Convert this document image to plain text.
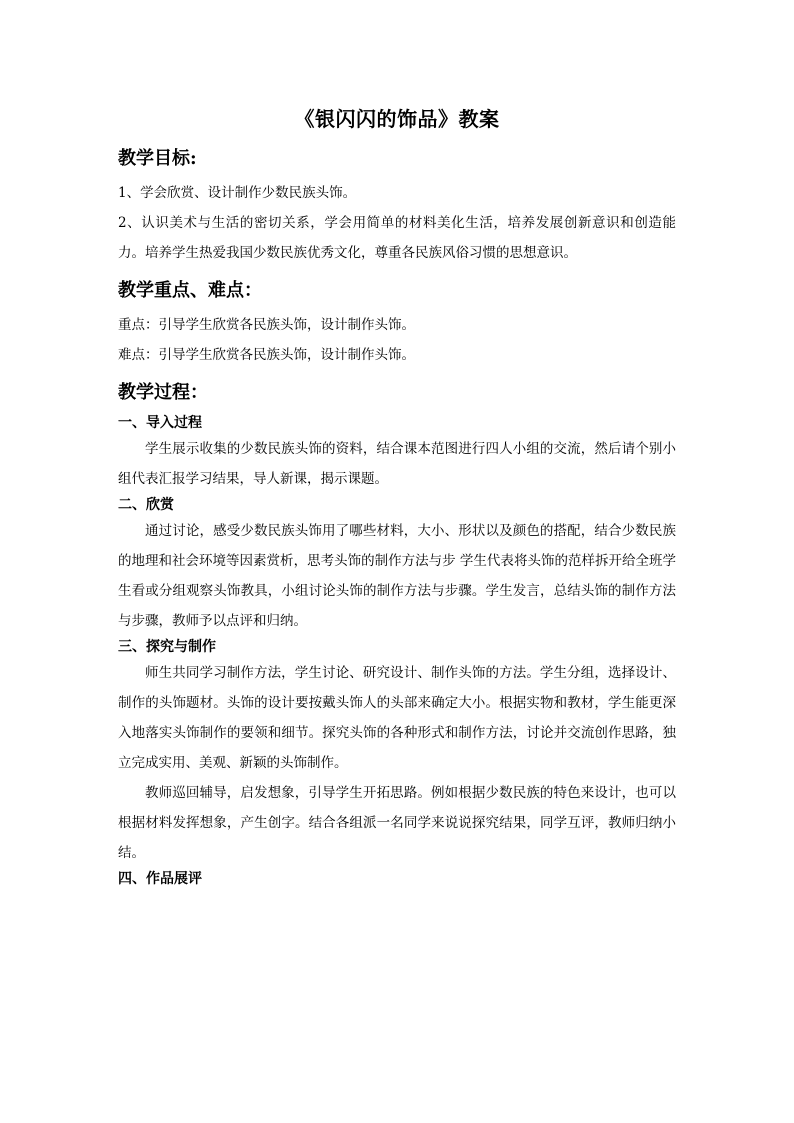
《银闪闪的饰品》教案
教学目标:

1、学会欣赏、设计制作少数民族头饰。

2、认识美术与生活的密切关系，学会用简单的材料美化生活，培养发展创新意识和创造能力。培养学生热爱我国少数民族优秀文化，尊重各民族风俗习惯的思想意识。

教学重点、难点：

重点：引导学生欣赏各民族头饰，设计制作头饰。

难点：引导学生欣赏各民族头饰，设计制作头饰。

教学过程：
一、导入过程

学生展示收集的少数民族头饰的资料，结合课本范图进行四人小组的交流，然后请个别小组代表汇报学习结果，导人新课，揭示课题。

二、欣赏

通过讨论，感受少数民族头饰用了哪些材料，大小、形状以及颜色的搭配，结合少数民族的地理和社会环境等因素赏析，思考头饰的制作方法与步 学生代表将头饰的范样拆开给全班学生看或分组观察头饰教具，小组讨论头饰的制作方法与步骤。学生发言，总结头饰的制作方法与步骤，教师予以点评和归纳。

三、探究与制作

师生共同学习制作方法，学生讨论、研究设计、制作头饰的方法。学生分组，选择设计、制作的头饰题材。头饰的设计要按戴头饰人的头部来确定大小。根据实物和教材，学生能更深入地落实头饰制作的要领和细节。探究头饰的各种形式和制作方法，讨论并交流创作思路，独立完成实用、美观、新颖的头饰制作。

教师巡回辅导，启发想象，引导学生开拓思路。例如根据少数民族的特色来设计，也可以根据材料发挥想象，产生创字。结合各组派一名同学来说说探究结果，同学互评，教师归纳小结。

四、作品展评
